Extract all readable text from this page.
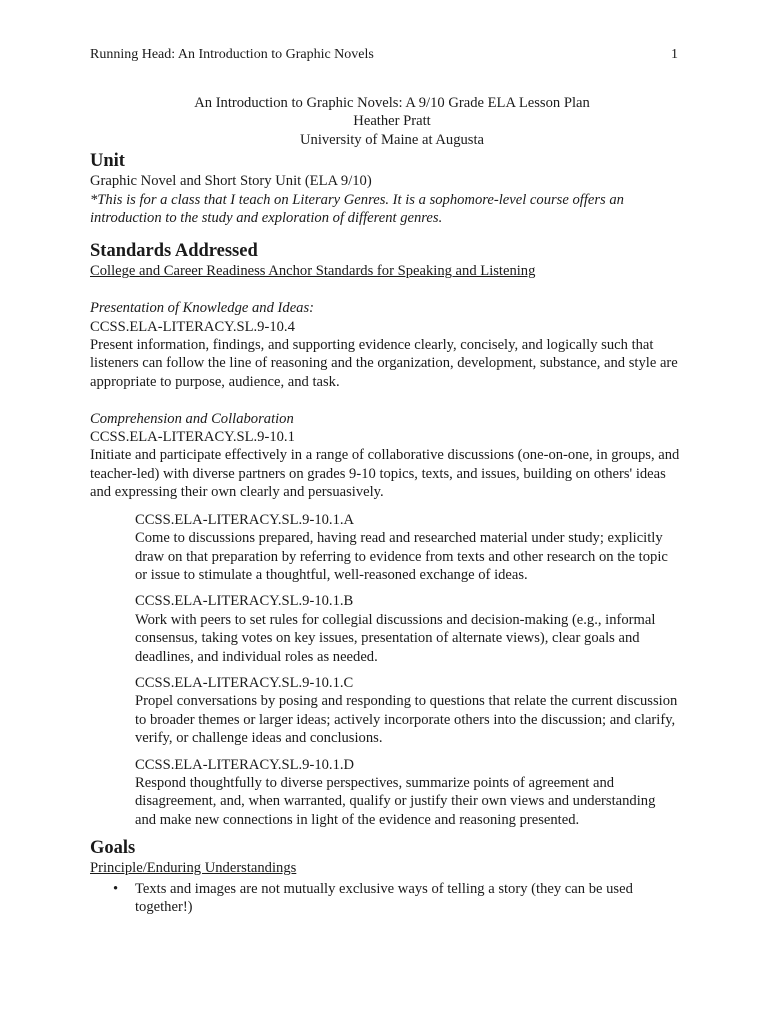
Running Head: An Introduction to Graphic Novels	1
An Introduction to Graphic Novels: A 9/10 Grade ELA Lesson Plan
Heather Pratt
University of Maine at Augusta
Unit

Graphic Novel and Short Story Unit (ELA 9/10)

*This is for a class that I teach on Literary Genres. It is a sophomore-level course offers an introduction to the study and exploration of different genres.

Standards Addressed

College and Career Readiness Anchor Standards for Speaking and Listening

Presentation of Knowledge and Ideas:

CCSS.ELA-LITERACY.SL.9-10.4

Present information, findings, and supporting evidence clearly, concisely, and logically such that listeners can follow the line of reasoning and the organization, development, substance, and style are appropriate to purpose, audience, and task.

Comprehension and Collaboration

CCSS.ELA-LITERACY.SL.9-10.1

Initiate and participate effectively in a range of collaborative discussions (one-on-one, in groups, and teacher-led) with diverse partners on grades 9-10 topics, texts, and issues, building on others' ideas and expressing their own clearly and persuasively.

CCSS.ELA-LITERACY.SL.9-10.1.A

Come to discussions prepared, having read and researched material under study; explicitly draw on that preparation by referring to evidence from texts and other research on the topic or issue to stimulate a thoughtful, well-reasoned exchange of ideas.

CCSS.ELA-LITERACY.SL.9-10.1.B

Work with peers to set rules for collegial discussions and decision-making (e.g., informal consensus, taking votes on key issues, presentation of alternate views), clear goals and deadlines, and individual roles as needed.

CCSS.ELA-LITERACY.SL.9-10.1.C

Propel conversations by posing and responding to questions that relate the current discussion to broader themes or larger ideas; actively incorporate others into the discussion; and clarify, verify, or challenge ideas and conclusions.

CCSS.ELA-LITERACY.SL.9-10.1.D

Respond thoughtfully to diverse perspectives, summarize points of agreement and disagreement, and, when warranted, qualify or justify their own views and understanding and make new connections in light of the evidence and reasoning presented.

Goals

Principle/Enduring Understandings

• Texts and images are not mutually exclusive ways of telling a story (they can be used together!)
